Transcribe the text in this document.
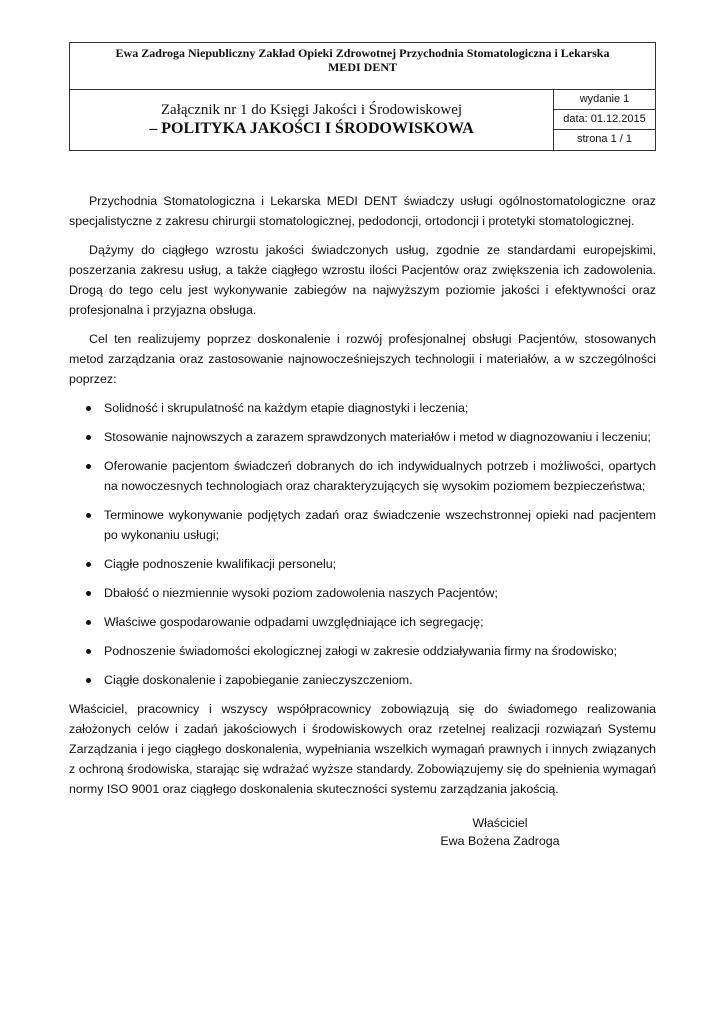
Ewa Zadroga Niepubliczny Zakład Opieki Zdrowotnej Przychodnia Stomatologiczna i Lekarska
MEDI DENT
Załącznik nr 1 do Księgi Jakości i Środowiskowej
– POLITYKA JAKOŚCI I ŚRODOWISKOWA
wydanie 1
data: 01.12.2015
strona 1 / 1

Przychodnia Stomatologiczna i Lekarska MEDI DENT świadczy usługi ogólnostomatologiczne oraz specjalistyczne z zakresu chirurgii stomatologicznej, pedodoncji, ortodoncji i protetyki stomatologicznej.

Dążymy do ciągłego wzrostu jakości świadczonych usług, zgodnie ze standardami europejskimi, poszerzania zakresu usług, a także ciągłego wzrostu ilości Pacjentów oraz zwiększenia ich zadowolenia. Drogą do tego celu jest wykonywanie zabiegów na najwyższym poziomie jakości i efektywności oraz profesjonalna i przyjazna obsługa.

Cel ten realizujemy poprzez doskonalenie i rozwój profesjonalnej obsługi Pacjentów, stosowanych metod zarządzania oraz zastosowanie najnowocześniejszych technologii i materiałów, a w szczególności poprzez:

Solidność i skrupulatność na każdym etapie diagnostyki i leczenia;
Stosowanie najnowszych a zarazem sprawdzonych materiałów i metod w diagnozowaniu i leczeniu;
Oferowanie pacjentom świadczeń dobranych do ich indywidualnych potrzeb i możliwości, opartych na nowoczesnych technologiach oraz charakteryzujących się wysokim poziomem bezpieczeństwa;
Terminowe wykonywanie podjętych zadań oraz świadczenie wszechstronnej opieki nad pacjentem po wykonaniu usługi;
Ciągłe podnoszenie kwalifikacji personelu;
Dbałość o niezmiennie wysoki poziom zadowolenia naszych Pacjentów;
Właściwe gospodarowanie odpadami uwzględniające ich segregację;
Podnoszenie świadomości ekologicznej załogi w zakresie oddziaływania firmy na środowisko;
Ciągłe doskonalenie i zapobieganie zanieczyszczeniom.

Właściciel, pracownicy i wszyscy współpracownicy zobowiązują się do świadomego realizowania założonych celów i zadań jakościowych i środowiskowych oraz rzetelnej realizacji rozwiązań Systemu Zarządzania i jego ciągłego doskonalenia, wypełniania wszelkich wymagań prawnych i innych związanych z ochroną środowiska, starając się wdrażać wyższe standardy. Zobowiązujemy się do spełnienia wymagań normy ISO 9001 oraz ciągłego doskonalenia skuteczności systemu zarządzania jakością.

Właściciel
Ewa Bożena Zadroga
